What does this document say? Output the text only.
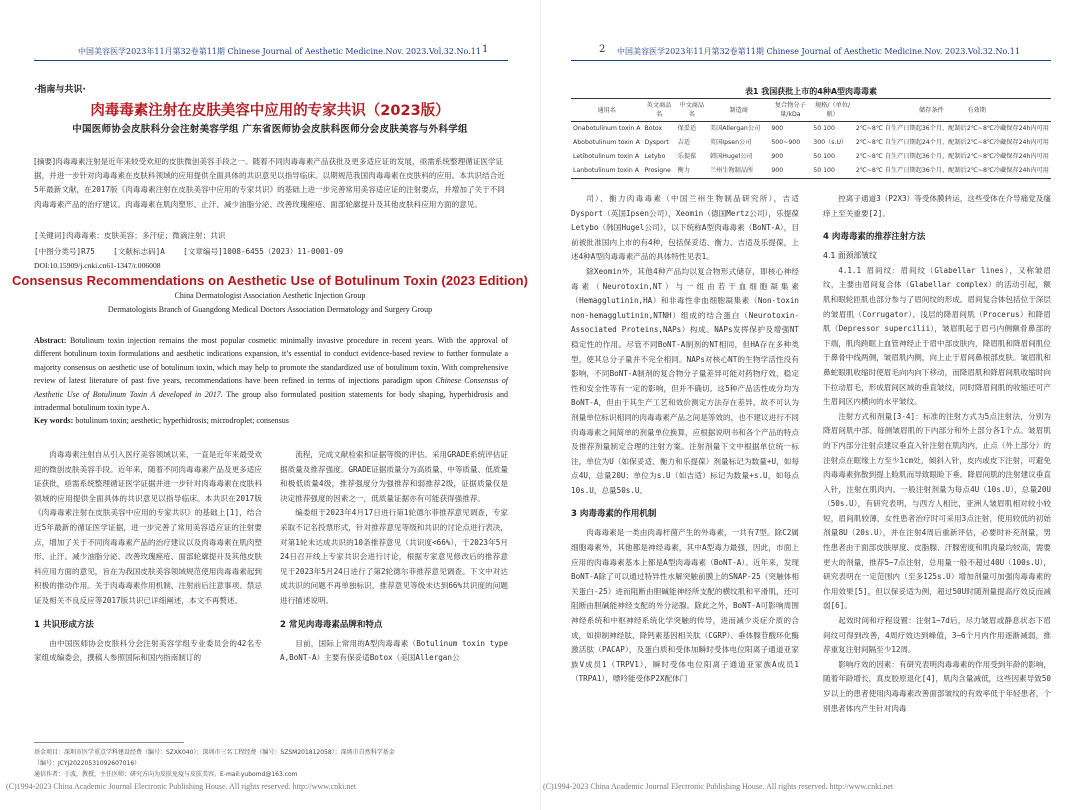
中国美容医学2023年11月第32卷第11期 Chinese Journal of Aesthetic Medicine.Nov. 2023.Vol.32.No.11 1
·指南与共识·
肉毒毒素注射在皮肤美容中应用的专家共识（2023版）
中国医师协会皮肤科分会注射美容学组 广东省医师协会皮肤科医师分会皮肤美容与外科学组
[摘要]肉毒毒素注射是近年来较受欢迎的皮肤微创美容手段之一。随着不同肉毒毒素产品获批及更多适应证的发展，亟需系统整理循证医学证据，并进一步针对肉毒毒素在皮肤科领域的应用提供全面具体的共识意见以指导临床。以期规范我国肉毒毒素在皮肤科的应用。本共识结合近5年最新文献，在2017版《肉毒毒素注射在皮肤美容中应用的专家共识》的基础上进一步完善常用美容适应证的注射要点，并增加了关于不同肉毒毒素产品的治疗建议。肉毒毒素在肌肉塑形、止汗、减少油脂分泌、改善玫瑰痤疮、面部轮廓提升及其他皮肤科应用方面的意见。
[关键词]肉毒毒素；皮肤美容；多汗症；微滴注射；共识
[中图分类号]R75 [文献标志码]A [文章编号]1008-6455（2023）11-0001-09
DOI:10.15909/j.cnki.cn61-1347/r.006008
Consensus Recommendations on Aesthetic Use of Botulinum Toxin (2023 Edition)
China Dermatologist Association Aesthetic Injection Group
Dermatologists Branch of Guangdong Medical Doctors Association Dermatology and Surgery Group
Abstract: Botulinum toxin injection remains the most popular cosmetic minimally invasive procedure in recent years. With the approval of different botulinum toxin formulations and aesthetic indications expansion, it’s essential to conduct evidence-based review to further formulate a majority consensus on aesthetic use of botulinum toxin, which may help to promote the standardized use of botulinum toxin. With comprehensive review of latest literature of past five years, recommendations have been refined in terms of injections paradigm upon Chinese Consensus of Aesthetic Use of Botulinum Toxin A developed in 2017. The group also formulated position statements for body shaping, hyperhidrosis and intradermal botulinum toxin type A.
Key words: botulinum toxin; aesthetic; hyperhidrosis; microdroplet; consensus

肉毒毒素注射自从引入医疗美容领域以来，一直是近年来最受欢迎的微创皮肤美容手段。近年来，随着不同肉毒毒素产品及更多适应证获批，亟需系统整理循证医学证据并进一步针对肉毒毒素在皮肤科领域的应用提供全面具体的共识意见以指导临床。本共识在2017版《肉毒毒素注射在皮肤美容中应用的专家共识》的基础上[1]，结合近5年最新的循证医学证据，进一步完善了常用美容适应证的注射要点，增加了关于不同肉毒毒素产品的治疗建议以及肉毒毒素在肌肉塑形、止汗、减少油脂分泌、改善玫瑰痤疮、面部轮廓提升及其他皮肤科应用方面的意见，旨在为我国皮肤美容领域规范使用肉毒毒素起到积极的推动作用。关于肉毒毒素作用机制、注射前后注意事项、禁忌证及相关不良反应等2017版共识已详细阐述，本文不再赘述。

1 共识形成方法

由中国医师协会皮肤科分会注射美容学组专业委员会的42名专家组成编委会，撰稿人参照国际和国内指南制订的

流程，完成文献检索和证据等级的评估。采用GRADE系统评估证据质量及推荐强度。GRADE证据质量分为高质量、中等质量、低质量和极低质量4级，推荐强度分为强推荐和弱推荐2级，证据质量仅是决定推荐强度的因素之一，低质量证据亦有可能获得强推荐。

编委组于2023年4月17日进行第1轮德尔菲推荐意见调查，专家采取不记名投票形式，针对推荐意见等级和共识的讨论点进行表决，对第1轮未达成共识的10条推荐意见（共识度<66%），于2023年5月24日召开线上专家共识会进行讨论，根据专家意见修改后的推荐意见于2023年5月24日进行了第2轮德尔菲推荐意见调查。下文中对达成共识的问题不再单独标识，推荐意见等级未达到66%共识度的问题进行描述说明。

2 常见肉毒毒素品牌和特点

目前，国际上常用的A型肉毒毒素（Botulinum toxin type A,BoNT-A）主要有保妥适Botox（美国Allergan公

基金项目：深圳市医学重点学科建设经费（编号：SZXK040）；深圳市三名工程经费（编号：SZSM201812058）；深圳市自然科学基金
（编号：JCYJ20220531092607016）
通信作者：于波，教授，主任医师；研究方向为皮肤免疫与皮肤美容。E-mail:yubomd@163.com
(C)1994-2023 China Academic Journal Electronic Publishing House. All rights reserved. http://www.cnki.net
2 中国美容医学2023年11月第32卷第11期 Chinese Journal of Aesthetic Medicine.Nov. 2023.Vol.32.No.11
表1 我国获批上市的4种A型肉毒毒素
通用名	英文商品名	中文商品名	制造商	复合物分子量/kDa	规格/（单位/瓶）	储存条件 有效期
Onabotulinum toxin A	Botox	保妥适	美国Allergan公司	900	50 100	2℃~8℃ 自生产日期起36个月，配制后2℃~8℃冷藏保存24h内可用
Abobotulinum toxin A	Dysport	吉适	英国Ipsen公司	500~900	300（s.U）	2℃~8℃ 自生产日期起24个月，配制后2℃~8℃冷藏保存24h内可用
Letibotulinum toxin A	Letybo	乐提葆	韩国Hugel公司	900	50 100	2℃~8℃ 自生产日期起36个月，配制后2℃~8℃冷藏保存24h内可用
Lanbotulinum toxin A	Prosigne	衡力	兰州生物制品所	900	50 100	2℃~8℃ 自生产日期起36个月，配制后2℃~8℃冷藏保存24h内可用

司）、衡力肉毒毒素（中国兰州生物制品研究所），吉适Dysport（英国Ipsen公司），Xeomin（德国Mertz公司），乐提葆Letybo（韩国Hugel公司），以下统称A型肉毒毒素（BoNT-A），目前被批准国内上市的有4种，包括保妥适、衡力、吉适及乐提葆，上述4种A型肉毒毒素产品的具体特性见表1。

除Xeomin外，其他4种产品均以复合物形式储存，即核心神经毒素（Neurotoxin,NT）与一组由若干血细胞凝集素（Hemagglutinin,HA）和非毒性非血细胞凝集素（Non-toxin non-hemagglutinin,NTNH）组成的结合蛋白（Neurotoxin-Associated Proteins,NAPs）构成。NAPs发挥保护及增强NT稳定性的作用。尽管不同BoNT-A制剂的NT相同，但HA存在多种类型，使其总分子量并不完全相同。NAPs对核心NT的生物学活性没有影响，不同BoNT-A制剂的复合物分子量差异可能对药物疗效、稳定性和安全性等有一定的影响，但并不确切。这5种产品活性成分均为BoNT-A，但由于其生产工艺和效价测定方法存在差异，故不可认为剂量单位标识相同的肉毒毒素产品之间是等效的，也不建议进行不同肉毒毒素之间简单的剂量单位换算，应根据说明书和各个产品的特点及推荐剂量制定合理的注射方案。注射剂量下文中根据单位统一标注，单位为U（如保妥适、衡力和乐提葆）剂量标记为数量+U，如每点4U，总量20U；单位为s.U（如吉适）标记为数量+s.U，如每点10s.U，总量50s.U。

3 肉毒毒素的作用机制

肉毒毒素是一类由肉毒杆菌产生的外毒素，一共有7型。除C2属细胞毒素外，其他都是神经毒素，其中A型毒力最强，因此，市面上应用的肉毒毒素基本上都是A型肉毒毒素（BoNT-A）。近年来，发现BoNT-A除了可以通过特异性水解突触前膜上的SNAP-25（突触体相关蛋白-25）进而阻断由胆碱能神经所支配的横纹肌和平滑肌，还可阻断由胆碱能神经支配的外分泌腺。除此之外，BoNT-A可影响周围神经系统和中枢神经系统化学突触的传导，进而减少炎症介质的合成，如抑制神经肽、降钙素基因相关肽（CGRP）、垂体腺苷酸环化酶激活肽（PACAP），及蛋白质和受体加瞬时受体电位阳离子通道亚家族V成员1（TRPV1），瞬时受体电位阳离子通道亚家族A成员1（TRPA1），嘌呤能受体P2X配体门

控离子通道3（P2X3）等受体膜转运，这些受体在介导痛觉及瘙痒上至关重要[2]。

4 肉毒毒素的推荐注射方法
4.1 面颈部皱纹

4.1.1 眉间纹：眉间纹（Glabellar lines），又称皱眉纹，主要由眉间复合体（Glabellar complex）的活动引起，额肌和眼轮匝肌也部分参与了眉间纹的形成。眉间复合体包括位于深层的皱眉肌（Corrugator）、浅层的降眉间肌（Procerus）和降眉肌（Depressor supercilii），皱眉肌起于眉弓内侧额骨鼻部的下端，肌肉跨眶上血管神经止于眉中部皮肤内，降眉肌和降眉间肌位于鼻骨中线两侧，皱眉肌内侧，向上止于眉间鼻根部皮肤。皱眉肌和鼻蛇眼肌收缩时使眉毛向内向下移动，而降眉肌和降眉间肌收缩时向下拉动眉毛，形成眉间区域的垂直皱纹，同时降眉间肌的收缩还可产生眉间区内横向的水平皱纹。

注射方式和剂量[3-4]：标准的注射方式为5点注射法，分别为降眉间肌中部、每侧皱眉肌的下内部分和外上部分各1个点。皱眉肌的下内部分注射点建议垂直入针注射在肌肉内，止点（外上部分）的注射点在眶缘上方至少1cm处，倾斜入针，皮内或皮下注射，可避免肉毒毒素弥散到提上睑肌而导致眼睑下垂。降眉间肌的注射建议垂直入针，注射在肌肉内。一般注射剂量为每点4U（10s.U），总量20U（50s.U），有研究表明，与西方人相比，亚洲人皱眉肌相对较小较短，眉间肌较薄，女性患者治疗时可采用3点注射，使用较低的初始剂量8U（20s.U），并在注射4周后重新评估，必要时补充剂量，男性患者由于面部皮肤厚度、皮脂腺、汗腺密度和肌肉量均较高，需要更大的剂量，推荐5~7点注射，总用量一般不超过40U（100s.U），研究表明在一定范围内（至多125s.U）增加剂量可加强肉毒毒素的作用效果[5]，但以保妥适为例，超过50U时随剂量提高疗效反而减弱[6]。

起效时间和疗程设置：注射1~7d后，尽力皱眉或静息状态下眉间纹可得到改善，4周疗效达到峰值，3~6个月内作用逐渐减弱，推荐重复注射间隔至少12周。

影响疗效的因素：有研究表明肉毒毒素的作用受到年龄的影响，随着年龄增长，真皮胶原退化[4]，肌肉含量减低，这些因素导致50岁以上的患者使用肉毒毒素改善面部皱纹的有效率低于年轻患者，个别患者体内产生针对肉毒

(C)1994-2023 China Academic Journal Electronic Publishing House. All rights reserved. http://www.cnki.net
